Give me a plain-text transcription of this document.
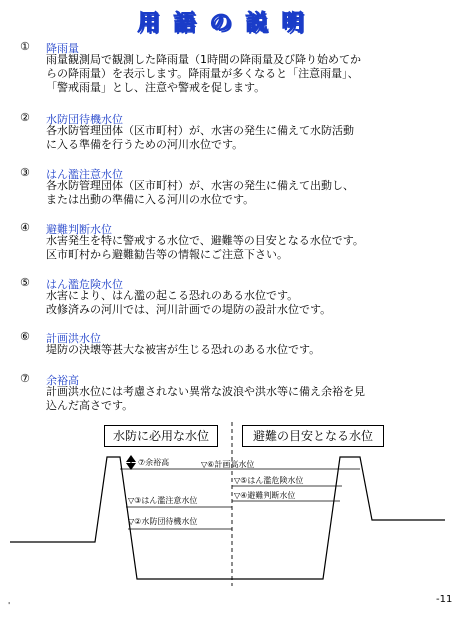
用語の説明
① 降雨量

雨量観測局で観測した降雨量（1時間の降雨量及び降り始めてか

らの降雨量）を表示します。降雨量が多くなると「注意雨量」、

「警戒雨量」とし、注意や警戒を促します。

② 水防団待機水位

各水防管理団体（区市町村）が、水害の発生に備えて水防活動

に入る準備を行うための河川水位です。

③ はん濫注意水位

各水防管理団体（区市町村）が、水害の発生に備えて出動し、

または出動の準備に入る河川の水位です。

④ 避難判断水位

水害発生を特に警戒する水位で、避難等の目安となる水位です。

区市町村から避難勧告等の情報にご注意下さい。

⑤ はん濫危険水位

水害により、はん濫の起こる恐れのある水位です。

改修済みの河川では、河川計画での堤防の設計水位です。

⑥ 計画洪水位

堤防の決壊等甚大な被害が生じる恐れのある水位です。

⑦ 余裕高

計画洪水位には考慮されない異常な波浪や洪水等に備え余裕を見

込んだ高さです。

水防に必用な水位	避難の目安となる水位
⑦余裕高	▽⑥計画高水位
▽⑤はん濫危険水位
▽④避難判断水位
▽③はん濫注意水位
▽②水防団待機水位
'
-11
